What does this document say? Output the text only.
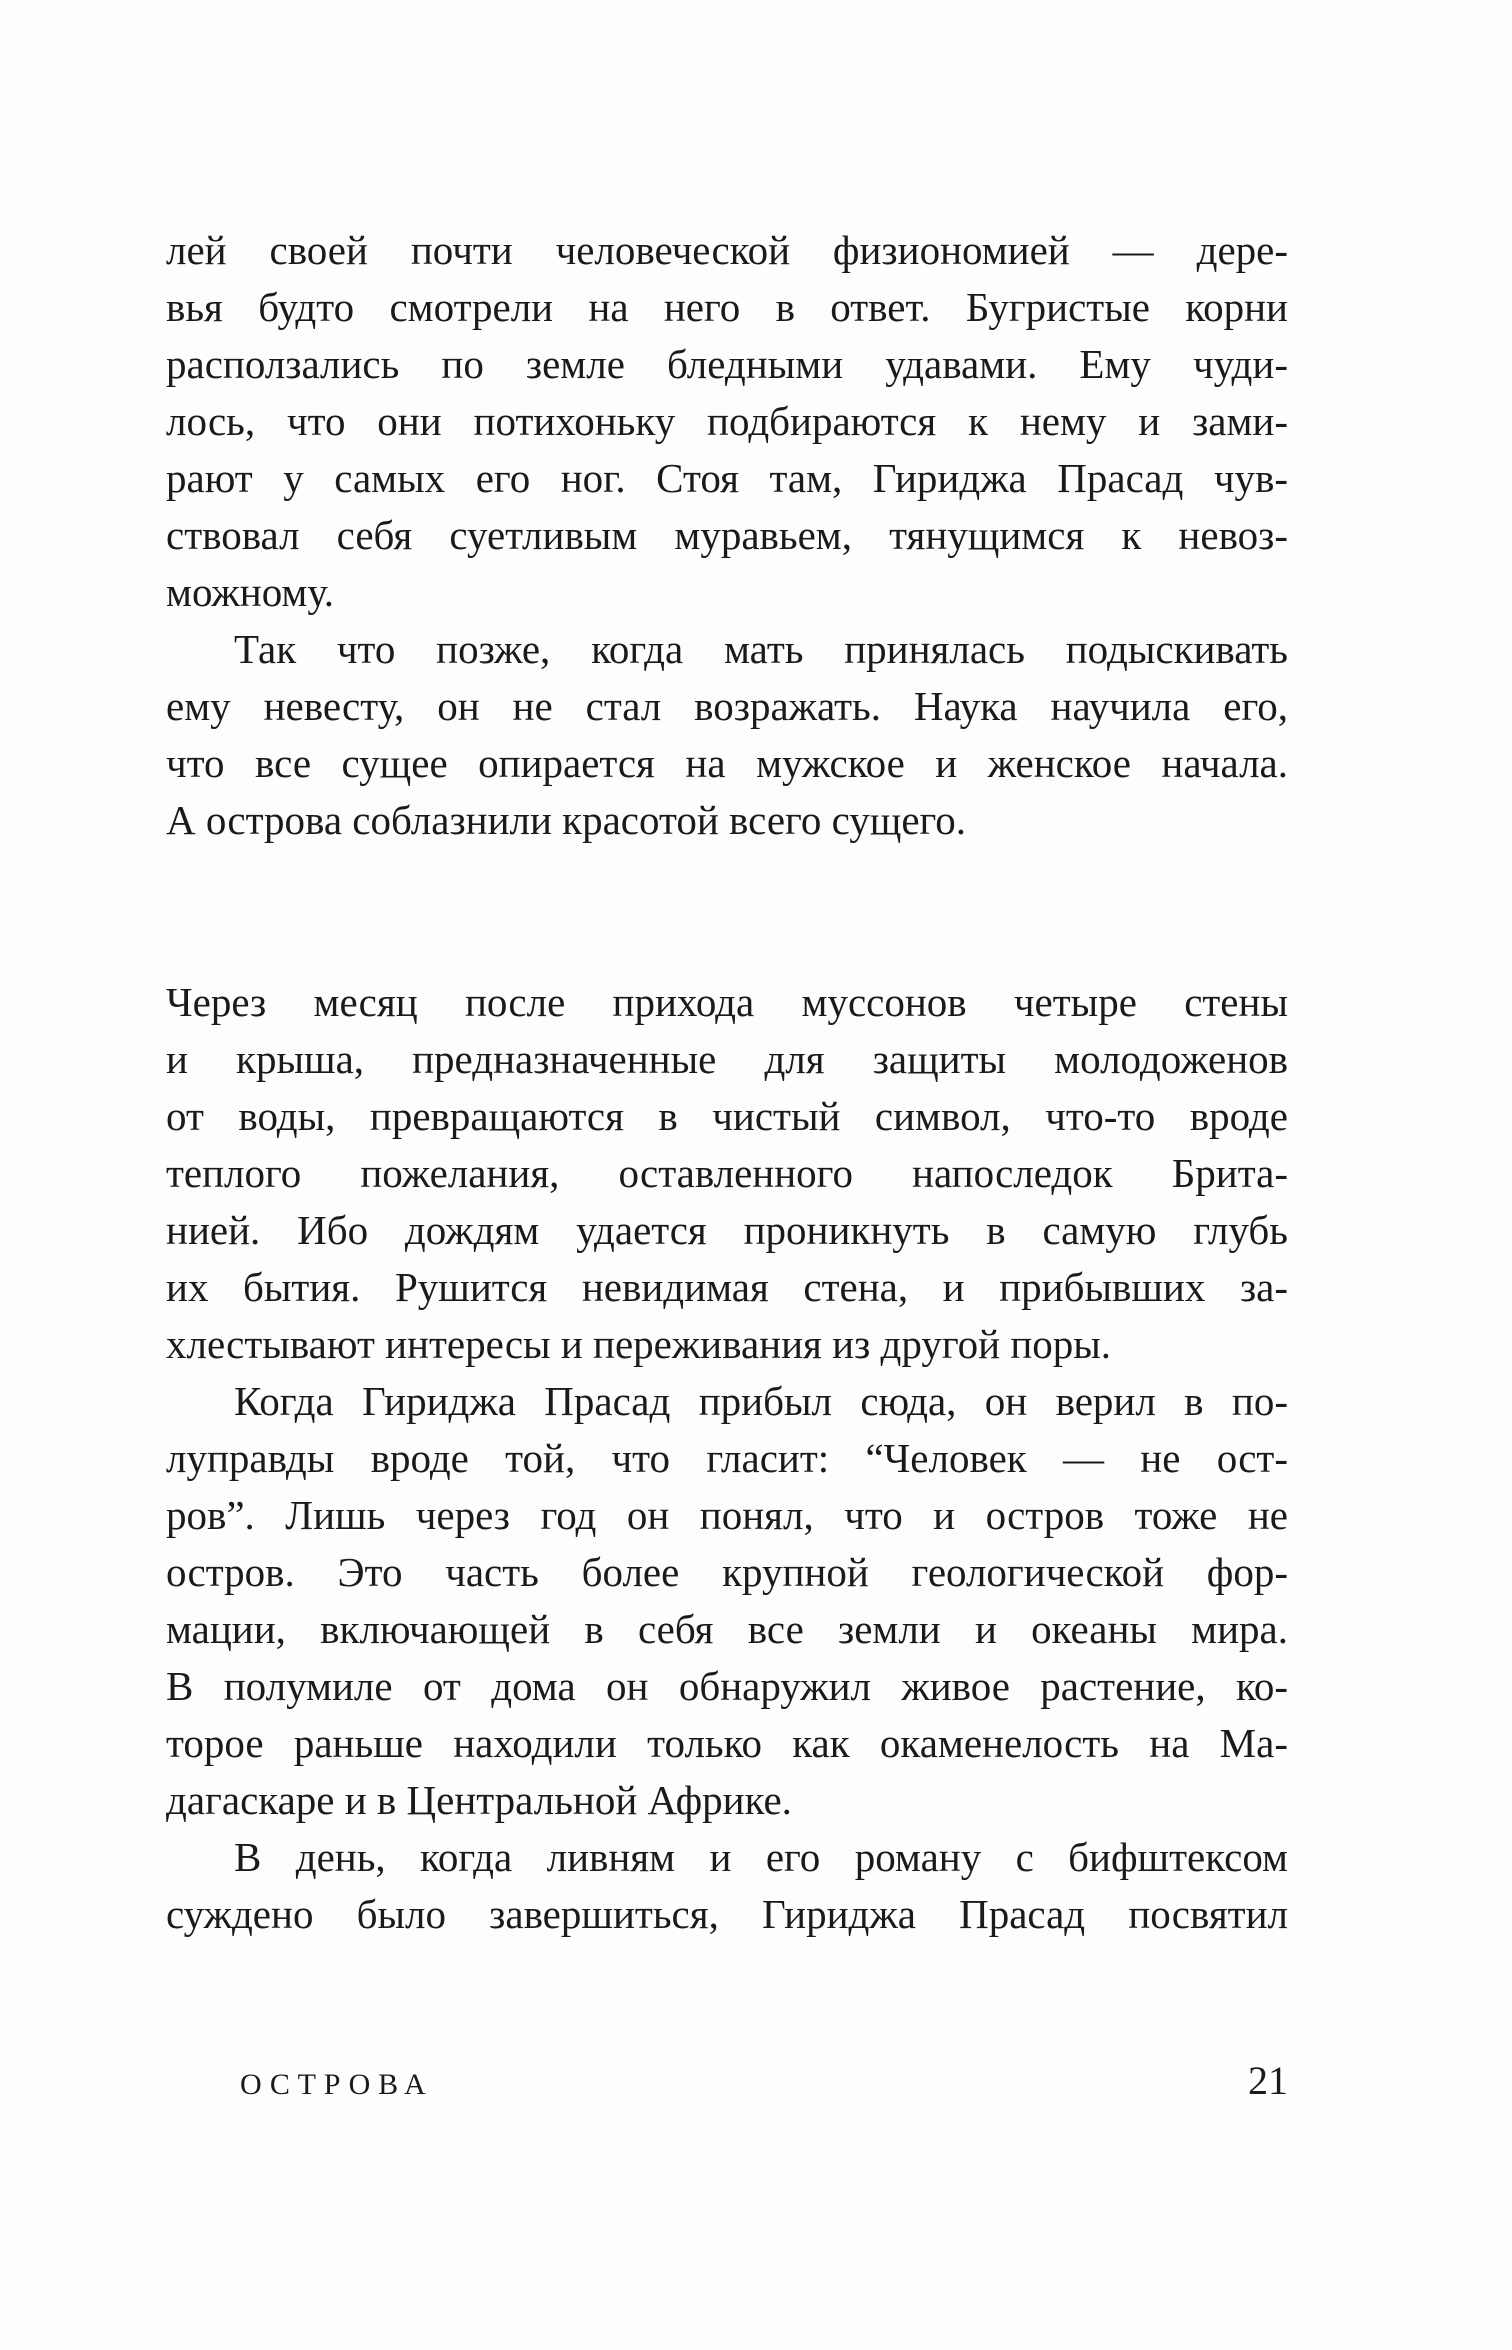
лей своей почти человеческой физиономией — дере-
вья будто смотрели на него в ответ. Бугристые корни
расползались по земле бледными удавами. Ему чуди-
лось, что они потихоньку подбираются к нему и зами-
рают у самых его ног. Стоя там, Гириджа Прасад чув-
ствовал себя суетливым муравьем, тянущимся к невоз-
можному.
Так что позже, когда мать принялась подыскивать
ему невесту, он не стал возражать. Наука научила его,
что все сущее опирается на мужское и женское начала.
А острова соблазнили красотой всего сущего.
Через месяц после прихода муссонов четыре стены
и крыша, предназначенные для защиты молодоженов
от воды, превращаются в чистый символ, что-то вроде
теплого пожелания, оставленного напоследок Брита-
нией. Ибо дождям удается проникнуть в самую глубь
их бытия. Рушится невидимая стена, и прибывших за-
хлестывают интересы и переживания из другой поры.
Когда Гириджа Прасад прибыл сюда, он верил в по-
луправды вроде той, что гласит: “Человек — не ост-
ров”. Лишь через год он понял, что и остров тоже не
остров. Это часть более крупной геологической фор-
мации, включающей в себя все земли и океаны мира.
В полумиле от дома он обнаружил живое растение, ко-
торое раньше находили только как окаменелость на Ма-
дагаскаре и в Центральной Африке.
В день, когда ливням и его роману с бифштексом
суждено было завершиться, Гириджа Прасад посвятил
ОСТРОВА	21
